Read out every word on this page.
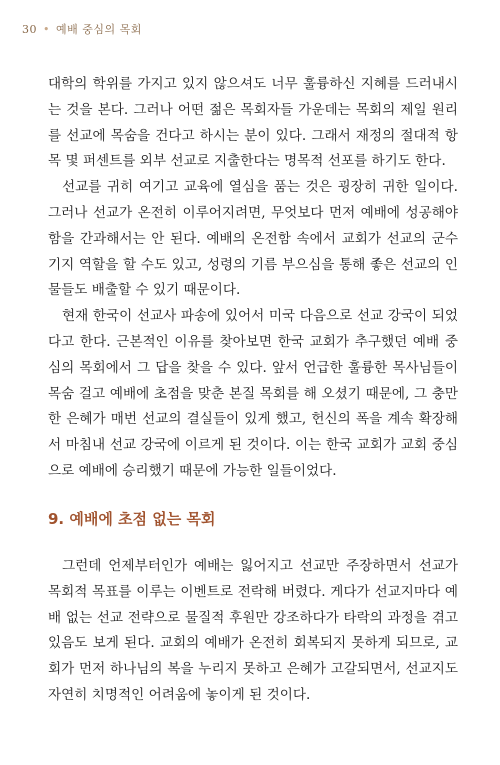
30 • 예배 중심의 목회

대학의 학위를 가지고 있지 않으셔도 너무 훌륭하신 지혜를 드러내시는 것을 본다. 그러나 어떤 젊은 목회자들 가운데는 목회의 제일 원리를 선교에 목숨을 건다고 하시는 분이 있다. 그래서 재정의 절대적 항목 몇 퍼센트를 외부 선교로 지출한다는 명목적 선포를 하기도 한다.

선교를 귀히 여기고 교육에 열심을 품는 것은 굉장히 귀한 일이다. 그러나 선교가 온전히 이루어지려면, 무엇보다 먼저 예배에 성공해야 함을 간과해서는 안 된다. 예배의 온전함 속에서 교회가 선교의 군수기지 역할을 할 수도 있고, 성령의 기름 부으심을 통해 좋은 선교의 인물들도 배출할 수 있기 때문이다.

현재 한국이 선교사 파송에 있어서 미국 다음으로 선교 강국이 되었다고 한다. 근본적인 이유를 찾아보면 한국 교회가 추구했던 예배 중심의 목회에서 그 답을 찾을 수 있다. 앞서 언급한 훌륭한 목사님들이 목숨 걸고 예배에 초점을 맞춘 본질 목회를 해 오셨기 때문에, 그 충만한 은혜가 매번 선교의 결실들이 있게 했고, 헌신의 폭을 계속 확장해서 마침내 선교 강국에 이르게 된 것이다. 이는 한국 교회가 교회 중심으로 예배에 승리했기 때문에 가능한 일들이었다.

9. 예배에 초점 없는 목회

그런데 언제부터인가 예배는 잃어지고 선교만 주장하면서 선교가 목회적 목표를 이루는 이벤트로 전락해 버렸다. 게다가 선교지마다 예배 없는 선교 전략으로 물질적 후원만 강조하다가 타락의 과정을 겪고 있음도 보게 된다. 교회의 예배가 온전히 회복되지 못하게 되므로, 교회가 먼저 하나님의 복을 누리지 못하고 은혜가 고갈되면서, 선교지도 자연히 치명적인 어려움에 놓이게 된 것이다.
